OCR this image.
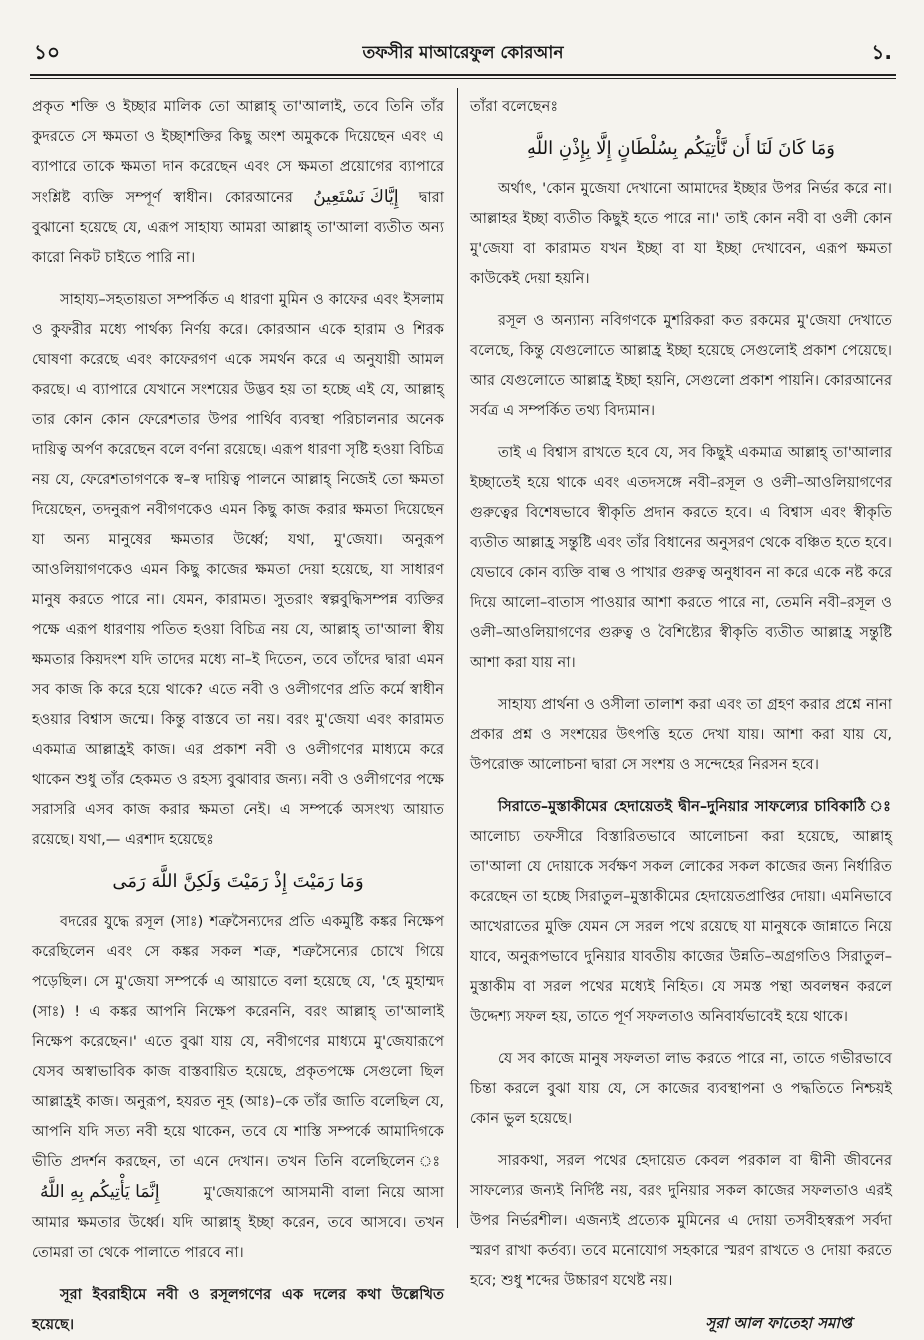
১০	তফসীর মাআরেফুল কোরআন	১.

প্রকৃত শক্তি ও ইচ্ছার মালিক তো আল্লাহ্ তা'আলাই, তবে তিনি তাঁর কুদরতে সে ক্ষমতা ও ইচ্ছাশক্তির কিছু অংশ অমুককে দিয়েছেন এবং এ ব্যাপারে তাকে ক্ষমতা দান করেছেন এবং সে ক্ষমতা প্রয়োগের ব্যাপারে সংশ্লিষ্ট ব্যক্তি সম্পূর্ণ স্বাধীন। কোরআনের إِيَّاكَ نَسْتَعِينُ দ্বারা বুঝানো হয়েছে যে, এরূপ সাহায্য আমরা আল্লাহ্ তা'আলা ব্যতীত অন্য কারো নিকট চাইতে পারি না।

সাহায্য–সহতায়তা সম্পর্কিত এ ধারণা মুমিন ও কাফের এবং ইসলাম ও কুফরীর মধ্যে পার্থক্য নির্ণয় করে। কোরআন একে হারাম ও শিরক ঘোষণা করেছে এবং কাফেরগণ একে সমর্থন করে এ অনুযায়ী আমল করছে। এ ব্যাপারে যেখানে সংশয়ের উদ্ভব হয় তা হচ্ছে এই যে, আল্লাহ্ তার কোন কোন ফেরেশতার উপর পার্থিব ব্যবস্থা পরিচালনার অনেক দায়িত্ব অর্পণ করেছেন বলে বর্ণনা রয়েছে। এরূপ ধারণা সৃষ্টি হওয়া বিচিত্র নয় যে, ফেরেশতাগণকে স্ব–স্ব দায়িত্ব পালনে আল্লাহ্ নিজেই তো ক্ষমতা দিয়েছেন, তদনুরূপ নবীগণকেও এমন কিছু কাজ করার ক্ষমতা দিয়েছেন যা অন্য মানুষের ক্ষমতার উর্ধ্বে; যথা, মু'জেযা। অনুরূপ আওলিয়াগণকেও এমন কিছু কাজের ক্ষমতা দেয়া হয়েছে, যা সাধারণ মানুষ করতে পারে না। যেমন, কারামত। সুতরাং স্বল্পবুদ্ধিসম্পন্ন ব্যক্তির পক্ষে এরূপ ধারণায় পতিত হওয়া বিচিত্র নয় যে, আল্লাহ্ তা'আলা স্বীয় ক্ষমতার কিয়দংশ যদি তাদের মধ্যে না–ই দিতেন, তবে তাঁদের দ্বারা এমন সব কাজ কি করে হয়ে থাকে? এতে নবী ও ওলীগণের প্রতি কর্মে স্বাধীন হওয়ার বিশ্বাস জন্মে। কিন্তু বাস্তবে তা নয়। বরং মু'জেযা এবং কারামত একমাত্র আল্লাহ্রই কাজ। এর প্রকাশ নবী ও ওলীগণের মাধ্যমে করে থাকেন শুধু তাঁর হেকমত ও রহস্য বুঝাবার জন্য। নবী ও ওলীগণের পক্ষে সরাসরি এসব কাজ করার ক্ষমতা নেই। এ সম্পর্কে অসংখ্য আয়াত রয়েছে। যথা,— এরশাদ হয়েছেঃ

وَمَا رَمَيْتَ إِذْ رَمَيْتَ وَلَكِنَّ اللَّهَ رَمَى

বদরের যুদ্ধে রসূল (সাঃ) শত্রুসৈন্যদের প্রতি একমুষ্টি কঙ্কর নিক্ষেপ করেছিলেন এবং সে কঙ্কর সকল শত্রু, শত্রুসৈন্যের চোখে গিয়ে পড়েছিল। সে মু'জেযা সম্পর্কে এ আয়াতে বলা হয়েছে যে, 'হে মুহাম্মদ (সাঃ) ! এ কঙ্কর আপনি নিক্ষেপ করেননি, বরং আল্লাহ্ তা'আলাই নিক্ষেপ করেছেন।' এতে বুঝা যায় যে, নবীগণের মাধ্যমে মু'জেযারূপে যেসব অস্বাভাবিক কাজ বাস্তবায়িত হয়েছে, প্রকৃতপক্ষে সেগুলো ছিল আল্লাহ্রই কাজ। অনুরূপ, হযরত নূহ (আঃ)–কে তাঁর জাতি বলেছিল যে, আপনি যদি সত্য নবী হয়ে থাকেন, তবে যে শাস্তি সম্পর্কে আমাদিগকে ভীতি প্রদর্শন করছেন, তা এনে দেখান। তখন তিনি বলেছিলেন ঃ إِنَّمَا يَأْتِيكُم بِهِ اللَّهُ	মু'জেযারূপে আসমানী বালা নিয়ে আসা আমার ক্ষমতার উর্ধ্বে। যদি আল্লাহ্ ইচ্ছা করেন, তবে আসবে। তখন তোমরা তা থেকে পালাতে পারবে না।

সূরা ইবরাহীমে নবী ও রসূলগণের এক দলের কথা উল্লেখিত হয়েছে।

তাঁরা বলেছেনঃ

وَمَا كَانَ لَنَا أَن نَّأْتِيَكُم بِسُلْطَانٍ إِلَّا بِإِذْنِ اللَّهِ

অর্থাৎ, 'কোন মুজেযা দেখানো আমাদের ইচ্ছার উপর নির্ভর করে না। আল্লাহর ইচ্ছা ব্যতীত কিছুই হতে পারে না।' তাই কোন নবী বা ওলী কোন মু'জেযা বা কারামত যখন ইচ্ছা বা যা ইচ্ছা দেখাবেন, এরূপ ক্ষমতা কাউকেই দেয়া হয়নি।

রসূল ও অন্যান্য নবিগণকে মুশরিকরা কত রকমের মু'জেযা দেখাতে বলেছে, কিন্তু যেগুলোতে আল্লাহ্র ইচ্ছা হয়েছে সেগুলোই প্রকাশ পেয়েছে। আর যেগুলোতে আল্লাহ্র ইচ্ছা হয়নি, সেগুলো প্রকাশ পায়নি। কোরআনের সর্বত্র এ সম্পর্কিত তথ্য বিদ্যমান।

তাই এ বিশ্বাস রাখতে হবে যে, সব কিছুই একমাত্র আল্লাহ্ তা'আলার ইচ্ছাতেই হয়ে থাকে এবং এতদসঙ্গে নবী–রসূল ও ওলী–আওলিয়াগণের গুরুত্বের বিশেষভাবে স্বীকৃতি প্রদান করতে হবে। এ বিশ্বাস এবং স্বীকৃতি ব্যতীত আল্লাহ্র সন্তুষ্টি এবং তাঁর বিধানের অনুসরণ থেকে বঞ্চিত হতে হবে। যেভাবে কোন ব্যক্তি বাল্ব ও পাখার গুরুত্ব অনুধাবন না করে একে নষ্ট করে দিয়ে আলো–বাতাস পাওয়ার আশা করতে পারে না, তেমনি নবী–রসূল ও ওলী–আওলিয়াগণের গুরুত্ব ও বৈশিষ্ট্যের স্বীকৃতি ব্যতীত আল্লাহ্র সন্তুষ্টি আশা করা যায় না।

সাহায্য প্রার্থনা ও ওসীলা তালাশ করা এবং তা গ্রহণ করার প্রশ্নে নানা প্রকার প্রশ্ন ও সংশয়ের উৎপত্তি হতে দেখা যায়। আশা করা যায় যে, উপরোক্ত আলোচনা দ্বারা সে সংশয় ও সন্দেহের নিরসন হবে।

সিরাতে–মুস্তাকীমের হেদায়েতই দ্বীন–দুনিয়ার সাফল্যের চাবিকাঠি ঃ আলোচ্য তফসীরে বিস্তারিতভাবে আলোচনা করা হয়েছে, আল্লাহ্ তা'আলা যে দোয়াকে সর্বক্ষণ সকল লোকের সকল কাজের জন্য নির্ধারিত করেছেন তা হচ্ছে সিরাতুল–মুস্তাকীমের হেদায়েতপ্রাপ্তির দোয়া। এমনিভাবে আখেরাতের মুক্তি যেমন সে সরল পথে রয়েছে যা মানুষকে জান্নাতে নিয়ে যাবে, অনুরূপভাবে দুনিয়ার যাবতীয় কাজের উন্নতি–অগ্রগতিও সিরাতুল–মুস্তাকীম বা সরল পথের মধ্যেই নিহিত। যে সমস্ত পন্থা অবলম্বন করলে উদ্দেশ্য সফল হয়, তাতে পূর্ণ সফলতাও অনিবার্যভাবেই হয়ে থাকে।

যে সব কাজে মানুষ সফলতা লাভ করতে পারে না, তাতে গভীরভাবে চিন্তা করলে বুঝা যায় যে, সে কাজের ব্যবস্থাপনা ও পদ্ধতিতে নিশ্চয়ই কোন ভুল হয়েছে।

সারকথা, সরল পথের হেদায়েত কেবল পরকাল বা দ্বীনী জীবনের সাফল্যের জন্যই নির্দিষ্ট নয়, বরং দুনিয়ার সকল কাজের সফলতাও এরই উপর নির্ভরশীল। এজন্যই প্রত্যেক মুমিনের এ দোয়া তসবীহস্বরূপ সর্বদা স্মরণ রাখা কর্তব্য। তবে মনোযোগ সহকারে স্মরণ রাখতে ও দোয়া করতে হবে; শুধু শব্দের উচ্চারণ যথেষ্ট নয়।

সূরা আল ফাতেহা সমাপ্ত
